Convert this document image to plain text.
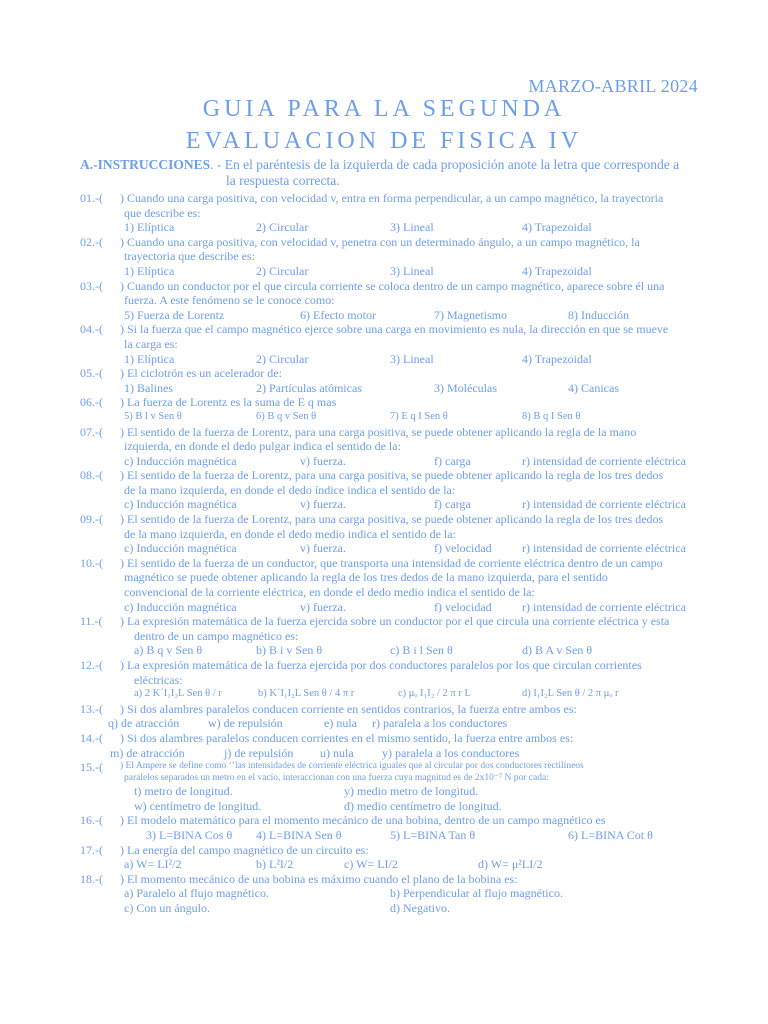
MARZO-ABRIL 2024
GUIA PARA LA SEGUNDA
EVALUACION DE FISICA IV
A.-INSTRUCCIONES. - En el paréntesis de la izquierda de cada proposición anote la letra que corresponde a
la respuesta correcta.
01.-(	) Cuando una carga positiva, con velocidad v, entra en forma perpendicular, a un campo magnético, la trayectoria
que describe es:
1) Elíptica	2) Circular	3) Lineal	4) Trapezoidal
02.-(	) Cuando una carga positiva, con velocidad v, penetra con un determinado ángulo, a un campo magnético, la
trayectoria que describe es:
1) Elíptica	2) Circular	3) Lineal	4) Trapezoidal
03.-(	) Cuando un conductor por el que circula corriente se coloca dentro de un campo magnético, aparece sobre él una
fuerza. A este fenómeno se le conoce como:
5) Fuerza de Lorentz	6) Efecto motor	7) Magnetismo	8) Inducción
04.-(	) Si la fuerza que el campo magnético ejerce sobre una carga en movimiento es nula, la dirección en que se mueve
la carga es:
1) Elíptica	2) Circular	3) Lineal	4) Trapezoidal
05.-(	) El ciclotrón es un acelerador de:
1) Balines	2) Partículas atómicas	3) Moléculas	4) Canicas
06.-(	) La fuerza de Lorentz es la suma de E q mas
5) B l v Sen θ	6) B q v Sen θ	7) E q I Sen θ	8) B q I Sen θ
07.-(	) El sentido de la fuerza de Lorentz, para una carga positiva, se puede obtener aplicando la regla de la mano
izquierda, en donde el dedo pulgar indica el sentido de la:
c) Inducción magnética	v) fuerza.	f) carga	r) intensidad de corriente eléctrica
08.-(	) El sentido de la fuerza de Lorentz, para una carga positiva, se puede obtener aplicando la regla de los tres dedos
de la mano izquierda, en donde el dedo índice indica el sentido de la:
c) Inducción magnética	v) fuerza.	f) carga	r) intensidad de corriente eléctrica
09.-(	) El sentido de la fuerza de Lorentz, para una carga positiva, se puede obtener aplicando la regla de los tres dedos
de la mano izquierda, en donde el dedo medio indica el sentido de la:
c) Inducción magnética	v) fuerza.	f) velocidad	r) intensidad de corriente eléctrica
10.-(	) El sentido de la fuerza de un conductor, que transporta una intensidad de corriente eléctrica dentro de un campo
magnético se puede obtener aplicando la regla de los tres dedos de la mano izquierda, para el sentido
convencional de la corriente eléctrica, en donde el dedo medio indica el sentido de la:
c) Inducción magnética	v) fuerza.	f) velocidad	r) intensidad de corriente eléctrica
11.-(	) La expresión matemática de la fuerza ejercida sobre un conductor por el que circula una corriente eléctrica y esta
dentro de un campo magnético es:
a) B q v Sen θ	b) B i v Sen θ	c) B i l Sen θ	d) B A v Sen θ
12.-(	) La expresión matemática de la fuerza ejercida por dos conductores paralelos por los que circulan corrientes
eléctricas:
a) 2 K´I₁I₂L Sen θ / r	b) K´I₁I₂L Sen θ / 4 π r	c) μₒ I₁I₂ / 2 π r L	d) I₁I₂L Sen θ / 2 π μₒ r
13.-(	) Si dos alambres paralelos conducen corriente en sentidos contrarios, la fuerza entre ambos es:
q) de atracción w) de repulsión	e) nula r) paralela a los conductores
14.-(	) Si dos alambres paralelos conducen corrientes en el mismo sentido, la fuerza entre ambos es:
m) de atracción	j) de repulsión u) nula y) paralela a los conductores
15.-(	) El Ampere se define como ‘’las intensidades de corriente eléctrica iguales que al circular por dos conductores rectilíneos
paralelos separados un metro en el vacío, interaccionan con una fuerza cuya magnitud es de 2x10⁻⁷ N por cada:
t) metro de longitud.	y) medio metro de longitud.
w) centímetro de longitud.	d) medio centímetro de longitud.
16.-(	) El modelo matemático para el momento mecánico de una bobina, dentro de un campo magnético es
3) L=BINA Cos θ 4) L=BINA Sen θ	5) L=BINA Tan θ	6) L=BINA Cot θ
17.-(	) La energía del campo magnético de un circuito es:
a) W= LI²/2	b) L²I/2	c) W= LI/2	d) W= μ²LI/2
18.-(	) El momento mecánico de una bobina es máximo cuando el plano de la bobina es:
a) Paralelo al flujo magnético.	b) Perpendicular al flujo magnético.
c) Con un ángulo.	d) Negativo.
